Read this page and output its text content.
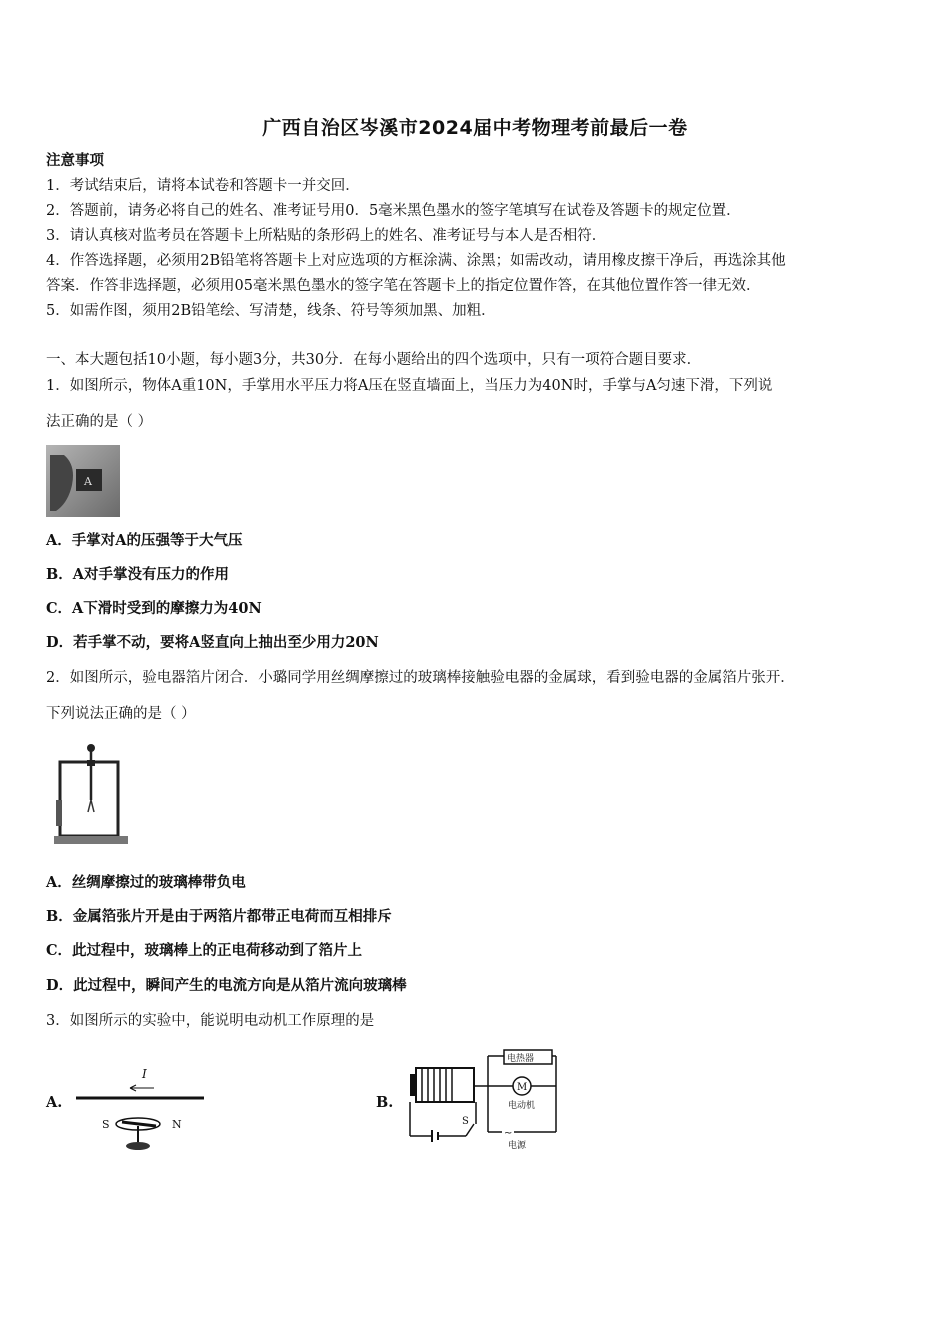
广西自治区岑溪市2024届中考物理考前最后一卷
注意事项
1．考试结束后，请将本试卷和答题卡一并交回．
2．答题前，请务必将自己的姓名、准考证号用0．5毫米黑色墨水的签字笔填写在试卷及答题卡的规定位置．
3．请认真核对监考员在答题卡上所粘贴的条形码上的姓名、准考证号与本人是否相符．
4．作答选择题，必须用2B铅笔将答题卡上对应选项的方框涂满、涂黑；如需改动，请用橡皮擦干净后，再选涂其他
答案．作答非选择题，必须用05毫米黑色墨水的签字笔在答题卡上的指定位置作答，在其他位置作答一律无效．
5．如需作图，须用2B铅笔绘、写清楚，线条、符号等须加黑、加粗．
一、本大题包括10小题，每小题3分，共30分．在每小题给出的四个选项中，只有一项符合题目要求．
1．如图所示，物体A重10N，手掌用水平压力将A压在竖直墙面上，当压力为40N时，手掌与A匀速下滑，下列说
法正确的是（ ）
A
A．手掌对A的压强等于大气压
B．A对手掌没有压力的作用
C．A下滑时受到的摩擦力为40N
D．若手掌不动，要将A竖直向上抽出至少用力20N
2．如图所示，验电器箔片闭合．小璐同学用丝绸摩擦过的玻璃棒接触验电器的金属球，看到验电器的金属箔片张开．
下列说法正确的是（ ）
A．丝绸摩擦过的玻璃棒带负电
B．金属箔张片开是由于两箔片都带正电荷而互相排斥
C．此过程中，玻璃棒上的正电荷移动到了箔片上
D．此过程中，瞬间产生的电流方向是从箔片流向玻璃棒
3．如图所示的实验中，能说明电动机工作原理的是
A.
I
S	N
B.
电热器
M
电动机
~
电源
S
